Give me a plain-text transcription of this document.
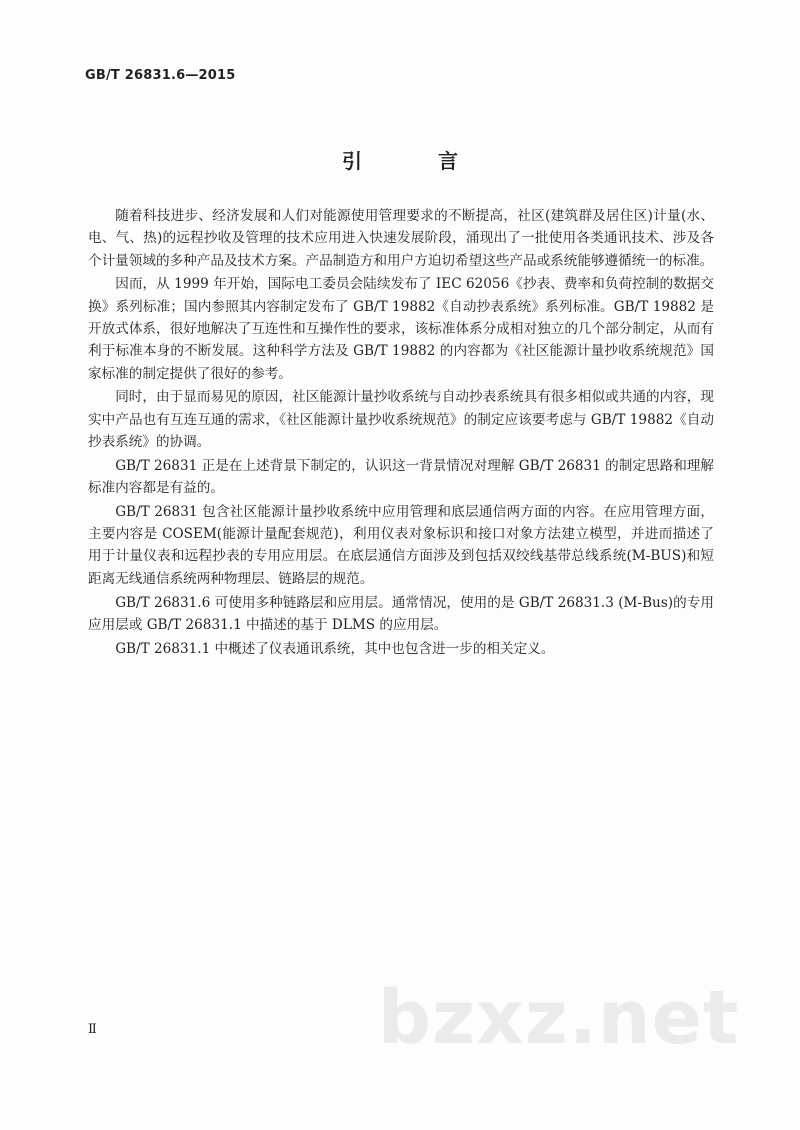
GB/T 26831.6—2015
引　言

随着科技进步、经济发展和人们对能源使用管理要求的不断提高，社区(建筑群及居住区)计量(水、电、气、热)的远程抄收及管理的技术应用进入快速发展阶段，涌现出了一批使用各类通讯技术、涉及各个计量领域的多种产品及技术方案。产品制造方和用户方迫切希望这些产品或系统能够遵循统一的标准。

因而，从 1999 年开始，国际电工委员会陆续发布了 IEC 62056《抄表、费率和负荷控制的数据交换》系列标准；国内参照其内容制定发布了 GB/T 19882《自动抄表系统》系列标准。GB/T 19882 是开放式体系，很好地解决了互连性和互操作性的要求，该标准体系分成相对独立的几个部分制定，从而有利于标准本身的不断发展。这种科学方法及 GB/T 19882 的内容都为《社区能源计量抄收系统规范》国家标准的制定提供了很好的参考。

同时，由于显而易见的原因，社区能源计量抄收系统与自动抄表系统具有很多相似或共通的内容，现实中产品也有互连互通的需求，《社区能源计量抄收系统规范》的制定应该要考虑与 GB/T 19882《自动抄表系统》的协调。

GB/T 26831 正是在上述背景下制定的，认识这一背景情况对理解 GB/T 26831 的制定思路和理解标准内容都是有益的。

GB/T 26831 包含社区能源计量抄收系统中应用管理和底层通信两方面的内容。在应用管理方面，主要内容是 COSEM(能源计量配套规范)，利用仪表对象标识和接口对象方法建立模型，并进而描述了用于计量仪表和远程抄表的专用应用层。在底层通信方面涉及到包括双绞线基带总线系统(M-BUS)和短距离无线通信系统两种物理层、链路层的规范。

GB/T 26831.6 可使用多种链路层和应用层。通常情况，使用的是 GB/T 26831.3 (M-Bus)的专用应用层或 GB/T 26831.1 中描述的基于 DLMS 的应用层。

GB/T 26831.1 中概述了仪表通讯系统，其中也包含进一步的相关定义。

bzxz.net
Ⅱ
